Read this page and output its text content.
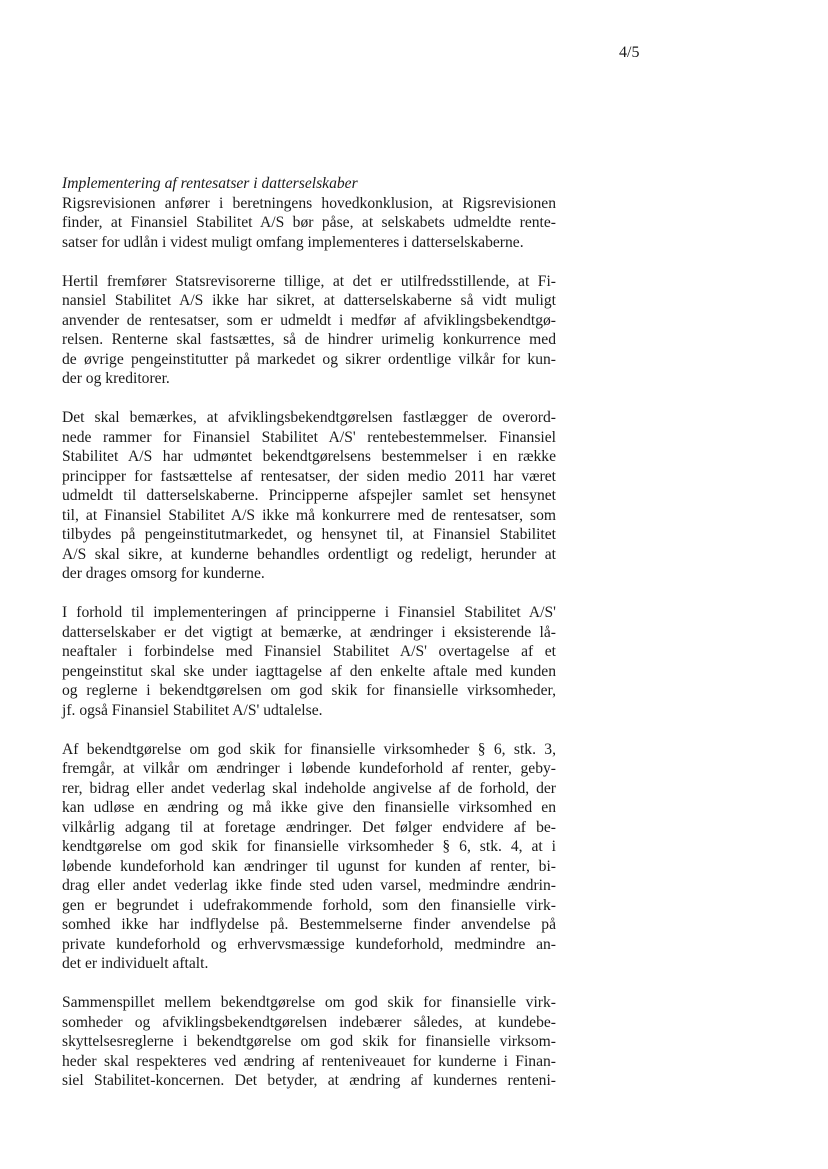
4/5

Implementering af rentesatser i datterselskaber

Rigsrevisionen anfører i beretningens hovedkonklusion, at Rigsrevisionen
finder, at Finansiel Stabilitet A/S bør påse, at selskabets udmeldte rente-
satser for udlån i videst muligt omfang implementeres i datterselskaberne.

Hertil fremfører Statsrevisorerne tillige, at det er utilfredsstillende, at Fi-
nansiel Stabilitet A/S ikke har sikret, at datterselskaberne så vidt muligt
anvender de rentesatser, som er udmeldt i medfør af afviklingsbekendtgø-
relsen. Renterne skal fastsættes, så de hindrer urimelig konkurrence med
de øvrige pengeinstitutter på markedet og sikrer ordentlige vilkår for kun-
der og kreditorer.

Det skal bemærkes, at afviklingsbekendtgørelsen fastlægger de overord-
nede rammer for Finansiel Stabilitet A/S' rentebestemmelser. Finansiel
Stabilitet A/S har udmøntet bekendtgørelsens bestemmelser i en række
principper for fastsættelse af rentesatser, der siden medio 2011 har været
udmeldt til datterselskaberne. Principperne afspejler samlet set hensynet
til, at Finansiel Stabilitet A/S ikke må konkurrere med de rentesatser, som
tilbydes på pengeinstitutmarkedet, og hensynet til, at Finansiel Stabilitet
A/S skal sikre, at kunderne behandles ordentligt og redeligt, herunder at
der drages omsorg for kunderne.

I forhold til implementeringen af principperne i Finansiel Stabilitet A/S'
datterselskaber er det vigtigt at bemærke, at ændringer i eksisterende lå-
neaftaler i forbindelse med Finansiel Stabilitet A/S' overtagelse af et
pengeinstitut skal ske under iagttagelse af den enkelte aftale med kunden
og reglerne i bekendtgørelsen om god skik for finansielle virksomheder,
jf. også Finansiel Stabilitet A/S' udtalelse.

Af bekendtgørelse om god skik for finansielle virksomheder § 6, stk. 3,
fremgår, at vilkår om ændringer i løbende kundeforhold af renter, geby-
rer, bidrag eller andet vederlag skal indeholde angivelse af de forhold, der
kan udløse en ændring og må ikke give den finansielle virksomhed en
vilkårlig adgang til at foretage ændringer. Det følger endvidere af be-
kendtgørelse om god skik for finansielle virksomheder § 6, stk. 4, at i
løbende kundeforhold kan ændringer til ugunst for kunden af renter, bi-
drag eller andet vederlag ikke finde sted uden varsel, medmindre ændrin-
gen er begrundet i udefrakommende forhold, som den finansielle virk-
somhed ikke har indflydelse på. Bestemmelserne finder anvendelse på
private kundeforhold og erhvervsmæssige kundeforhold, medmindre an-
det er individuelt aftalt.

Sammenspillet mellem bekendtgørelse om god skik for finansielle virk-
somheder og afviklingsbekendtgørelsen indebærer således, at kundebe-
skyttelsesreglerne i bekendtgørelse om god skik for finansielle virksom-
heder skal respekteres ved ændring af renteniveauet for kunderne i Finan-
siel Stabilitet-koncernen. Det betyder, at ændring af kundernes renteni-
